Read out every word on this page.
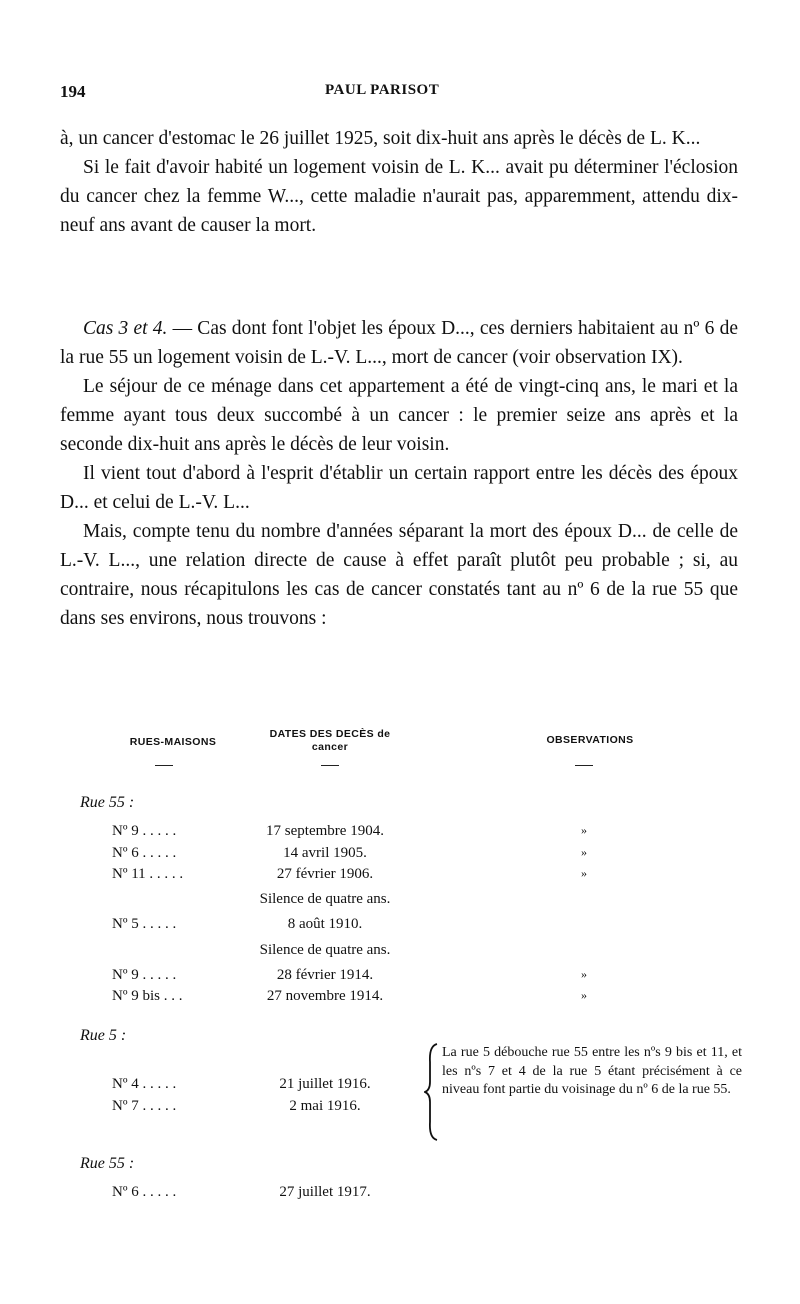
194	PAUL PARISOT

à, un cancer d'estomac le 26 juillet 1925, soit dix-huit ans après le décès de L. K...

Si le fait d'avoir habité un logement voisin de L. K... avait pu déterminer l'éclosion du cancer chez la femme W..., cette maladie n'aurait pas, apparemment, attendu dix-neuf ans avant de causer la mort.

Cas 3 et 4. — Cas dont font l'objet les époux D..., ces derniers habitaient au nº 6 de la rue 55 un logement voisin de L.-V. L..., mort de cancer (voir observation IX).

Le séjour de ce ménage dans cet appartement a été de vingt-cinq ans, le mari et la femme ayant tous deux succombé à un cancer : le premier seize ans après et la seconde dix-huit ans après le décès de leur voisin.

Il vient tout d'abord à l'esprit d'établir un certain rapport entre les décès des époux D... et celui de L.-V. L...

Mais, compte tenu du nombre d'années séparant la mort des époux D... de celle de L.-V. L..., une relation directe de cause à effet paraît plutôt peu probable ; si, au contraire, nous récapitulons les cas de cancer constatés tant au nº 6 de la rue 55 que dans ses environs, nous trouvons :

RUES-MAISONS
DATES DES DECÈS de cancer
OBSERVATIONS
Rue 55 :
Nº 9 . . . . .	17 septembre 1904.	»
Nº 6 . . . . .	14 avril 1905.	»
Nº 11 . . . . .	27 février 1906.	»
Silence de quatre ans.
Nº 5 . . . . .	8 août 1910.
Silence de quatre ans.
Nº 9 . . . . .	28 février 1914.	»
Nº 9 bis . . .	27 novembre 1914.	»
Rue 5 :
Nº 4 . . . . .	21 juillet 1916.
Nº 7 . . . . .	2 mai 1916.
La rue 5 débouche rue 55 entre les nºs 9 bis et 11, et les nºs 7 et 4 de la rue 5 étant précisément à ce niveau font partie du voisinage du nº 6 de la rue 55.
Rue 55 :
Nº 6 . . . . .	27 juillet 1917.
